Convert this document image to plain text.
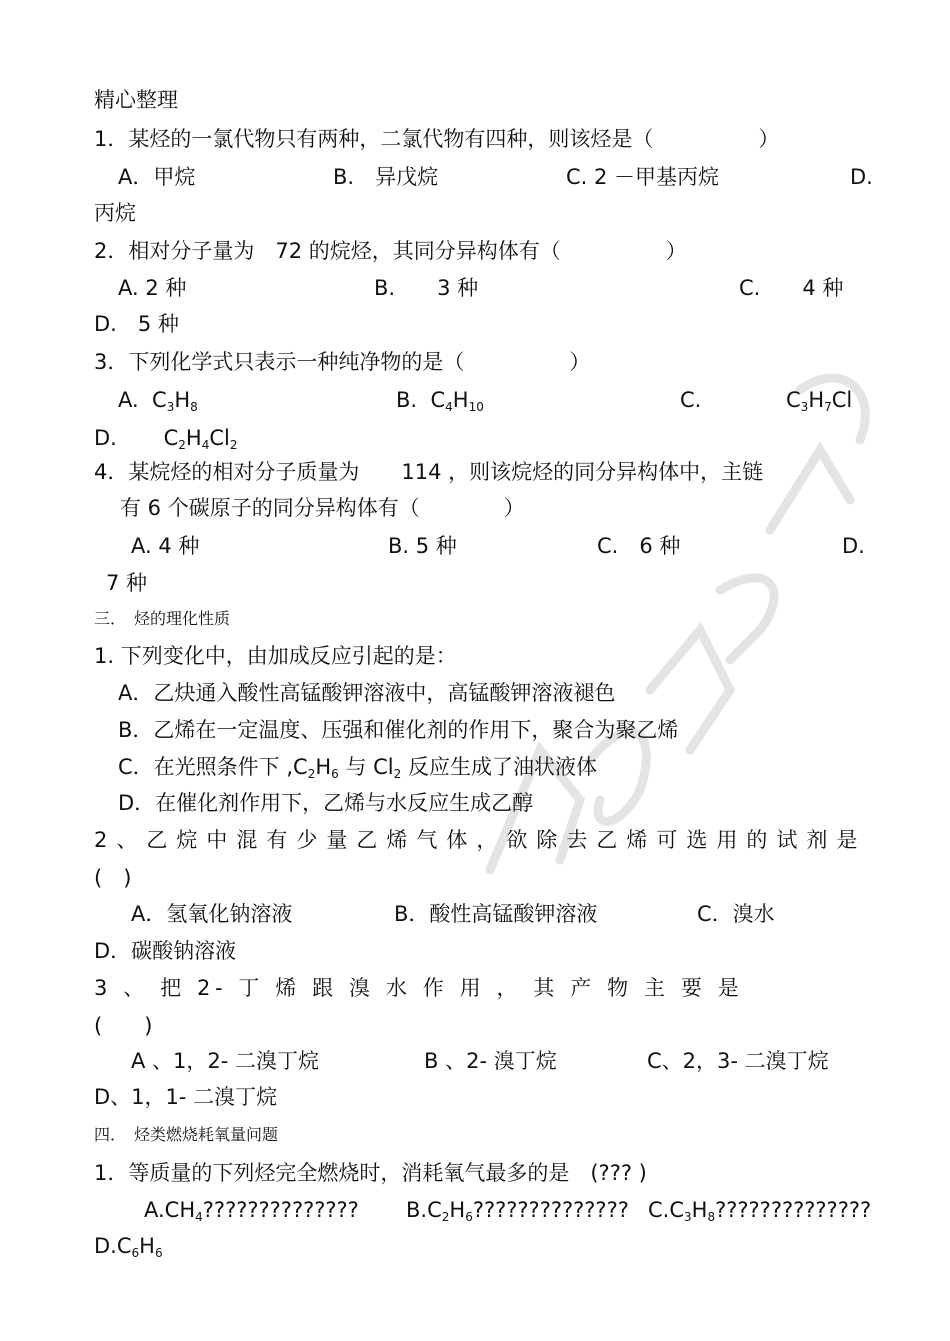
精心整理
1．某烃的一氯代物只有两种，二氯代物有四种，则该烃是（　　　　　）
A．甲烷	B.　异戊烷	C. 2 －甲基丙烷	D.
丙烷
2．相对分子量为　72 的烷烃，其同分异构体有（　　　　　）
A. 2 种	B.　　3 种	C.　　4 种
D.　5 种
3．下列化学式只表示一种纯净物的是（　　　　　）
A. $C_3H_8$	B. $C_4H_{10}$	C.	$C_3H_7Cl$
D. $C_2H_4Cl_2$
4．某烷烃的相对分子质量为　　114 ，则该烷烃的同分异构体中，主链
有 6 个碳原子的同分异构体有（　　　　）
A. 4 种	B. 5 种	C.　6 种	D.
7 种
三．　烃的理化性质
1. 下列变化中，由加成反应引起的是：
A．乙炔通入酸性高锰酸钾溶液中，高锰酸钾溶液褪色
B．乙烯在一定温度、压强和催化剂的作用下，聚合为聚乙烯
C．在光照条件下 $,C_2H_6$ 与 $Cl_2$ 反应生成了油状液体
D．在催化剂作用下，乙烯与水反应生成乙醇
2、乙烷中混有少量乙烯气体，欲除去乙烯可选用的试剂是
(　)
A．氢氧化钠溶液	B．酸性高锰酸钾溶液	C．溴水
D．碳酸钠溶液
3 、 把 2- 丁 烯 跟 溴 水 作 用 ， 其 产 物 主 要 是
(　　)
A 、1，2- 二溴丁烷	B 、2- 溴丁烷	C、2，3- 二溴丁烷
D、1，1- 二溴丁烷
四．　烃类燃烧耗氧量问题
1．等质量的下列烃完全燃烧时，消耗氧气最多的是　(??? )
$A.CH_4$?????????????? $B.C_2H_6$?????????????? $C.C_3H_8$??????????????
$D.C_6H_6$
